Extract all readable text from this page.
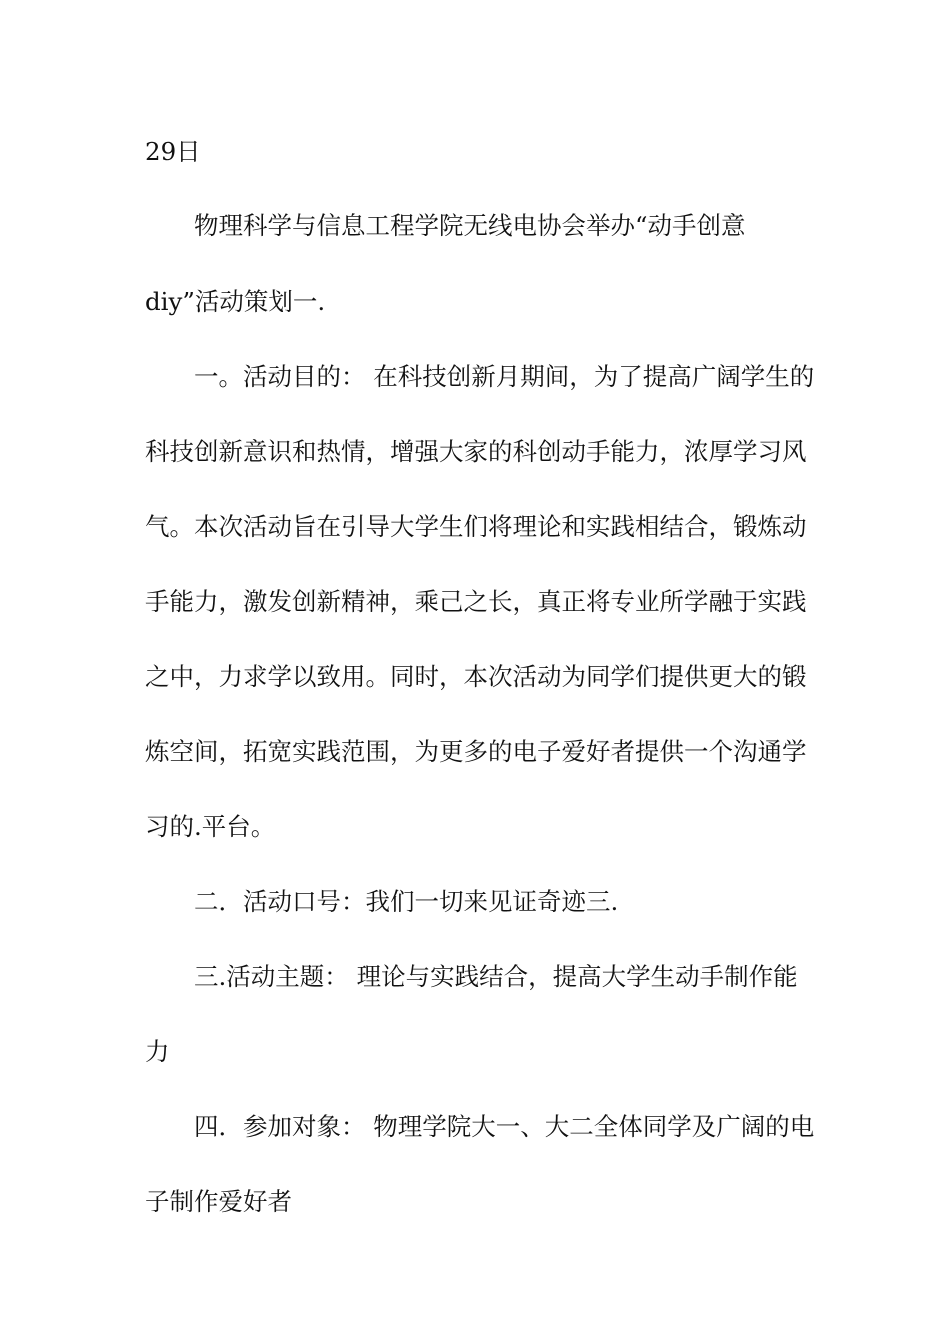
29日
物理科学与信息工程学院无线电协会举办“动手创意
diy”活动策划一.
一。活动目的： 在科技创新月期间，为了提高广阔学生的
科技创新意识和热情，增强大家的科创动手能力，浓厚学习风
气。本次活动旨在引导大学生们将理论和实践相结合，锻炼动
手能力，激发创新精神，乘己之长，真正将专业所学融于实践
之中，力求学以致用。同时，本次活动为同学们提供更大的锻
炼空间，拓宽实践范围，为更多的电子爱好者提供一个沟通学
习的.平台。
二．活动口号：我们一切来见证奇迹三.
三.活动主题： 理论与实践结合，提高大学生动手制作能
力
四．参加对象： 物理学院大一、大二全体同学及广阔的电
子制作爱好者
